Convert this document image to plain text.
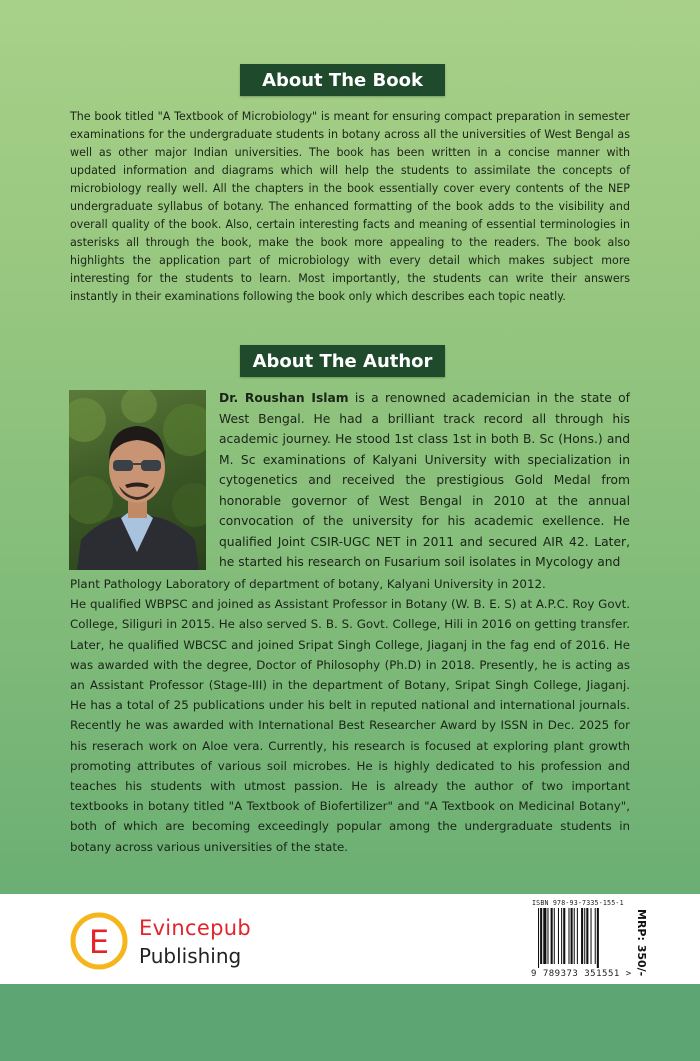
About The Book

The book titled "A Textbook of Microbiology" is meant for ensuring compact preparation in semester examinations for the undergraduate students in botany across all the universities of West Bengal as well as other major Indian universities. The book has been written in a concise manner with updated information and diagrams which will help the students to assimilate the concepts of microbiology really well. All the chapters in the book essentially cover every contents of the NEP undergraduate syllabus of botany. The enhanced formatting of the book adds to the visibility and overall quality of the book. Also, certain interesting facts and meaning of essential terminologies in asterisks all through the book, make the book more appealing to the readers. The book also highlights the application part of microbiology with every detail which makes subject more interesting for the students to learn. Most importantly, the students can write their answers instantly in their examinations following the book only which describes each topic neatly.

About The Author

Dr. Roushan Islam is a renowned academician in the state of West Bengal. He had a brilliant track record all through his academic journey. He stood 1st class 1st in both B. Sc (Hons.) and M. Sc examinations of Kalyani University with specialization in cytogenetics and received the prestigious Gold Medal from honorable governor of West Bengal in 2010 at the annual convocation of the university for his academic exellence. He qualified Joint CSIR-UGC NET in 2011 and secured AIR 42. Later, he started his research on Fusarium soil isolates in Mycology and

Plant Pathology Laboratory of department of botany, Kalyani University in 2012.
He qualified WBPSC and joined as Assistant Professor in Botany (W. B. E. S) at A.P.C. Roy Govt. College, Siliguri in 2015. He also served S. B. S. Govt. College, Hili in 2016 on getting transfer. Later, he qualified WBCSC and joined Sripat Singh College, Jiaganj in the fag end of 2016. He was awarded with the degree, Doctor of Philosophy (Ph.D) in 2018. Presently, he is acting as an Assistant Professor (Stage-III) in the department of Botany, Sripat Singh College, Jiaganj. He has a total of 25 publications under his belt in reputed national and international journals. Recently he was awarded with International Best Researcher Award by ISSN in Dec. 2025 for his reserach work on Aloe vera. Currently, his research is focused at exploring plant growth promoting attributes of various soil microbes. He is highly dedicated to his profession and teaches his students with utmost passion. He is already the author of two important textbooks in botany titled "A Textbook of Biofertilizer" and "A Textbook on Medicinal Botany", both of which are becoming exceedingly popular among the undergraduate students in botany across various universities of the state.
E Evincepub
Publishing
ISBN 978-93-7335-155-1
9 789373 351551 > MRP: 350/-
